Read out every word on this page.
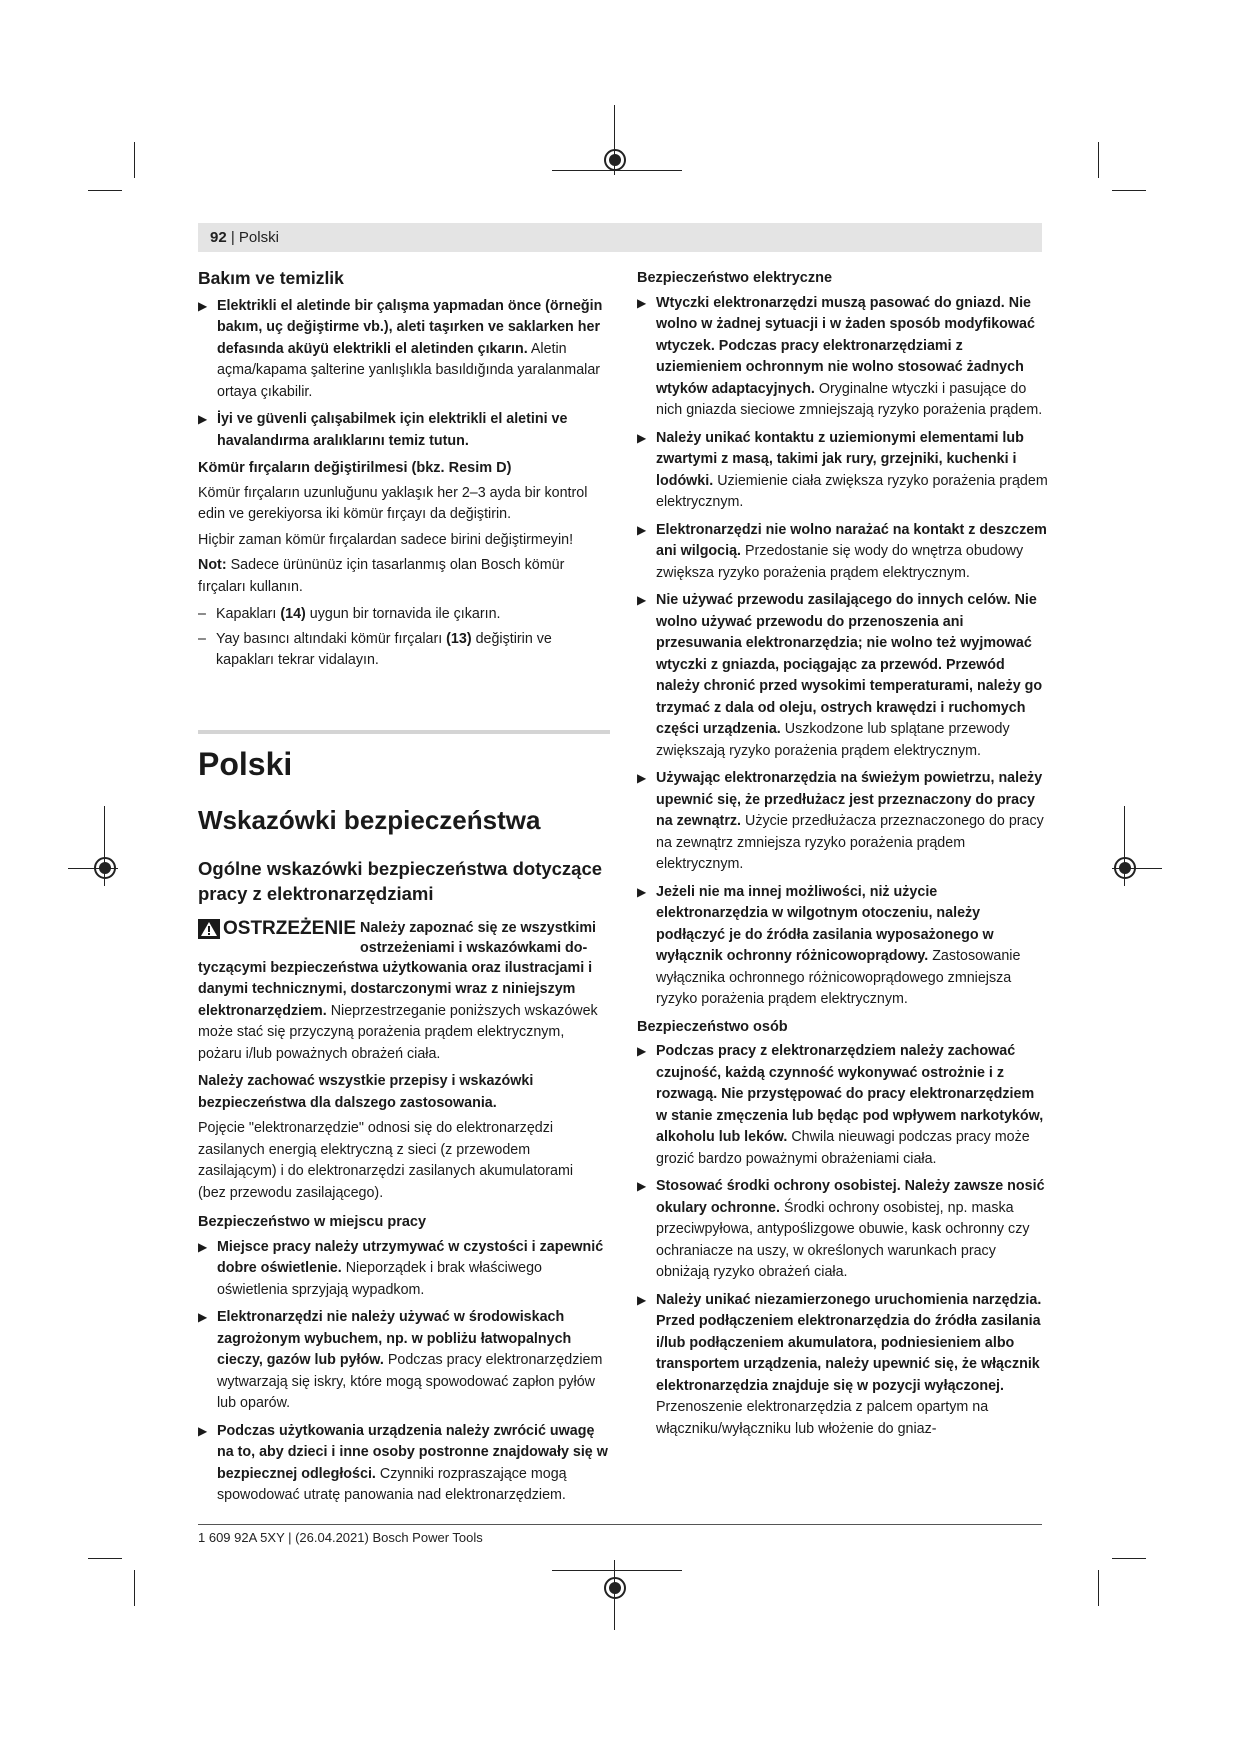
92 | Polski
Bakım ve temizlik
▶ Elektrikli el aletinde bir çalışma yapmadan önce (örneğin bakım, uç değiştirme vb.), aleti taşırken ve saklarken her defasında aküyü elektrikli el aletinden çıkarın. Aletin açma/kapama şalterine yanlışlıkla basıldığında yaralanmalar ortaya çıkabilir.
▶ İyi ve güvenli çalışabilmek için elektrikli el aletini ve havalandırma aralıklarını temiz tutun.
Kömür fırçaların değiştirilmesi (bkz. Resim D)
Kömür fırçaların uzunluğunu yaklaşık her 2–3 ayda bir kontrol edin ve gerekiyorsa iki kömür fırçayı da değiştirin.
Hiçbir zaman kömür fırçalardan sadece birini değiştirmeyin!
Not: Sadece ürününüz için tasarlanmış olan Bosch kömür fırçaları kullanın.
– Kapakları (14) uygun bir tornavida ile çıkarın.
– Yay basıncı altındaki kömür fırçaları (13) değiştirin ve kapakları tekrar vidalayın.
Polski
Wskazówki bezpieczeństwa
Ogólne wskazówki bezpieczeństwa dotyczące pracy z elektronarzędziami
OSTRZEŻENIE Należy zapoznać się ze wszystkimi ostrzeżeniami i wskazówkami do-
tyczącymi bezpieczeństwa użytkowania oraz ilustracjami i danymi technicznymi, dostarczonymi wraz z niniejszym elektronarzędziem. Nieprzestrzeganie poniższych wskazówek może stać się przyczyną porażenia prądem elektrycznym, pożaru i/lub poważnych obrażeń ciała.
Należy zachować wszystkie przepisy i wskazówki bezpieczeństwa dla dalszego zastosowania.
Pojęcie "elektronarzędzie" odnosi się do elektronarzędzi zasilanych energią elektryczną z sieci (z przewodem zasilającym) i do elektronarzędzi zasilanych akumulatorami
(bez przewodu zasilającego).
Bezpieczeństwo w miejscu pracy
▶ Miejsce pracy należy utrzymywać w czystości i zapewnić dobre oświetlenie. Nieporządek i brak właściwego oświetlenia sprzyjają wypadkom.
▶ Elektronarzędzi nie należy używać w środowiskach zagrożonym wybuchem, np. w pobliżu łatwopalnych cieczy, gazów lub pyłów. Podczas pracy elektronarzędziem wytwarzają się iskry, które mogą spowodować zapłon pyłów lub oparów.
▶ Podczas użytkowania urządzenia należy zwrócić uwagę na to, aby dzieci i inne osoby postronne znajdowały się w bezpiecznej odległości. Czynniki rozpraszające mogą spowodować utratę panowania nad elektronarzędziem.
Bezpieczeństwo elektryczne
▶ Wtyczki elektronarzędzi muszą pasować do gniazd. Nie wolno w żadnej sytuacji i w żaden sposób modyfikować wtyczek. Podczas pracy elektronarzędziami z uziemieniem ochronnym nie wolno stosować żadnych wtyków adaptacyjnych. Oryginalne wtyczki i pasujące do nich gniazda sieciowe zmniejszają ryzyko porażenia prądem.
▶ Należy unikać kontaktu z uziemionymi elementami lub zwartymi z masą, takimi jak rury, grzejniki, kuchenki i lodówki. Uziemienie ciała zwiększa ryzyko porażenia prądem elektrycznym.
▶ Elektronarzędzi nie wolno narażać na kontakt z deszczem ani wilgocią. Przedostanie się wody do wnętrza obudowy zwiększa ryzyko porażenia prądem elektrycznym.
▶ Nie używać przewodu zasilającego do innych celów. Nie wolno używać przewodu do przenoszenia ani przesuwania elektronarzędzia; nie wolno też wyjmować wtyczki z gniazda, pociągając za przewód. Przewód należy chronić przed wysokimi temperaturami, należy go trzymać z dala od oleju, ostrych krawędzi i ruchomych części urządzenia. Uszkodzone lub splątane przewody zwiększają ryzyko porażenia prądem elektrycznym.
▶ Używając elektronarzędzia na świeżym powietrzu, należy upewnić się, że przedłużacz jest przeznaczony do pracy na zewnątrz. Użycie przedłużacza przeznaczonego do pracy na zewnątrz zmniejsza ryzyko porażenia prądem elektrycznym.
▶ Jeżeli nie ma innej możliwości, niż użycie elektronarzędzia w wilgotnym otoczeniu, należy podłączyć je do źródła zasilania wyposażonego w wyłącznik ochronny różnicowoprądowy. Zastosowanie wyłącznika ochronnego różnicowoprądowego zmniejsza ryzyko porażenia prądem elektrycznym.
Bezpieczeństwo osób
▶ Podczas pracy z elektronarzędziem należy zachować czujność, każdą czynność wykonywać ostrożnie i z rozwagą. Nie przystępować do pracy elektronarzędziem w stanie zmęczenia lub będąc pod wpływem narkotyków, alkoholu lub leków. Chwila nieuwagi podczas pracy może grozić bardzo poważnymi obrażeniami ciała.
▶ Stosować środki ochrony osobistej. Należy zawsze nosić okulary ochronne. Środki ochrony osobistej, np. maska przeciwpyłowa, antypoślizgowe obuwie, kask ochronny czy ochraniacze na uszy, w określonych warunkach pracy obniżają ryzyko obrażeń ciała.
▶ Należy unikać niezamierzonego uruchomienia narzędzia. Przed podłączeniem elektronarzędzia do źródła zasilania i/lub podłączeniem akumulatora, podniesieniem albo transportem urządzenia, należy upewnić się, że włącznik elektronarzędzia znajduje się w pozycji wyłączonej. Przenoszenie elektronarzędzia z palcem opartym na włączniku/wyłączniku lub włożenie do gniaz-
1 609 92A 5XY | (26.04.2021) Bosch Power Tools
